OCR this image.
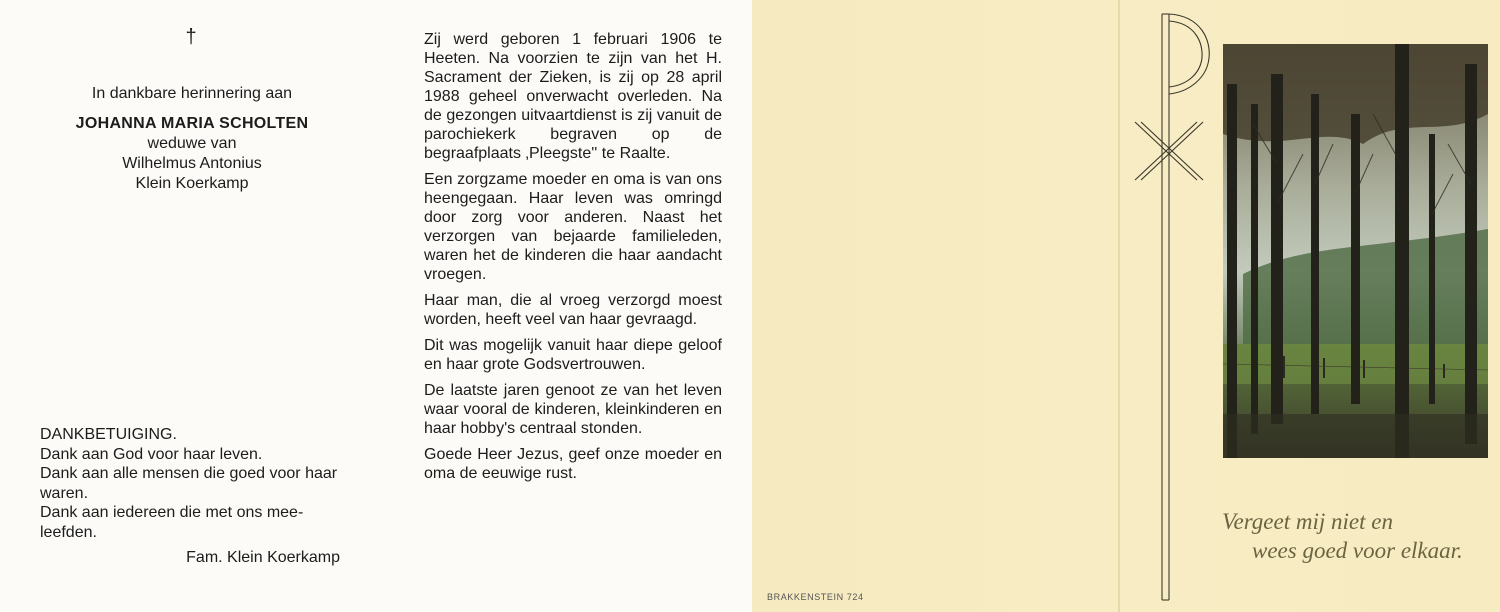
†
In dankbare herinnering aan
JOHANNA MARIA SCHOLTEN
weduwe van
Wilhelmus Antonius
Klein Koerkamp

DANKBETUIGING.

Dank aan God voor haar leven.

Dank aan alle mensen die goed voor haar waren.

Dank aan iedereen die met ons mee-leefden.

Fam. Klein Koerkamp

Zij werd geboren 1 februari 1906 te Heeten. Na voorzien te zijn van het H. Sacrament der Zieken, is zij op 28 april 1988 geheel onverwacht overleden. Na de gezongen uitvaartdienst is zij vanuit de parochiekerk begraven op de begraafplaats ‚Pleegste'' te Raalte.

Een zorgzame moeder en oma is van ons heengegaan. Haar leven was omringd door zorg voor anderen. Naast het verzorgen van bejaarde familieleden, waren het de kinderen die haar aandacht vroegen.

Haar man, die al vroeg verzorgd moest worden, heeft veel van haar gevraagd.

Dit was mogelijk vanuit haar diepe geloof en haar grote Godsvertrouwen.

De laatste jaren genoot ze van het leven waar vooral de kinderen, kleinkinderen en haar hobby's centraal stonden.

Goede Heer Jezus, geef onze moeder en oma de eeuwige rust.

Vergeet mij niet en
wees goed voor elkaar.
BRAKKENSTEIN 724
